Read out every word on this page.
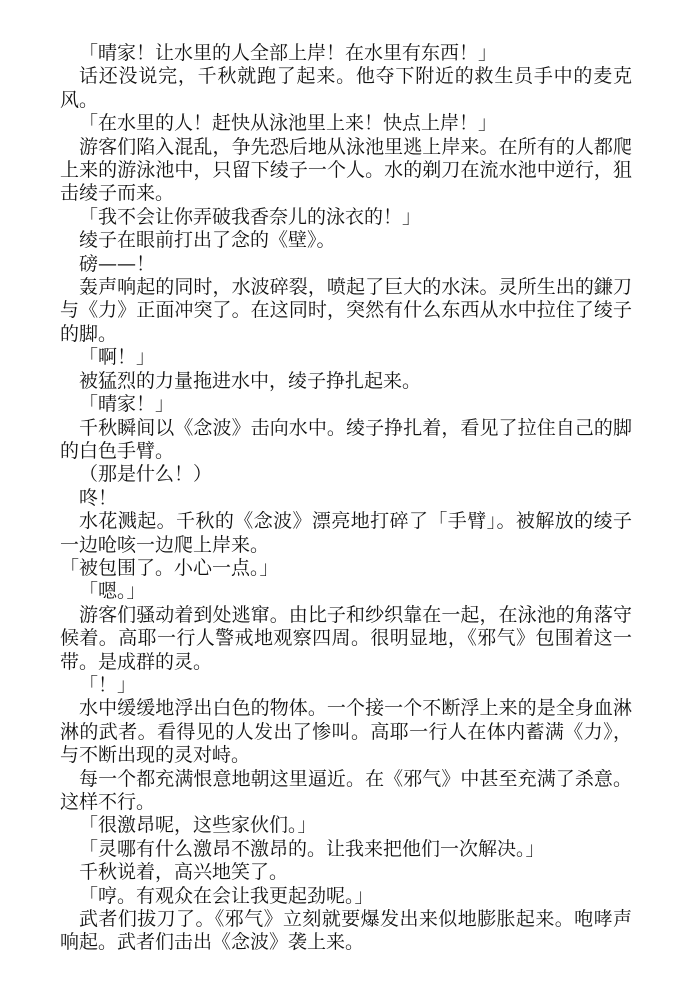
「晴家！让水里的人全部上岸！在水里有东西！」

话还没说完，千秋就跑了起来。他夺下附近的救生员手中的麦克风。

「在水里的人！赶快从泳池里上来！快点上岸！」

游客们陷入混乱，争先恐后地从泳池里逃上岸来。在所有的人都爬上来的游泳池中，只留下绫子一个人。水的剃刀在流水池中逆行，狙击绫子而来。

「我不会让你弄破我香奈儿的泳衣的！」

绫子在眼前打出了念的《壁》。

磅——！

轰声响起的同时，水波碎裂，喷起了巨大的水沫。灵所生出的鎌刀与《力》正面冲突了。在这同时，突然有什么东西从水中拉住了绫子的脚。

「啊！」

被猛烈的力量拖进水中，绫子挣扎起来。

「晴家！」

千秋瞬间以《念波》击向水中。绫子挣扎着，看见了拉住自己的脚的白色手臂。

（那是什么！）

咚！

水花溅起。千秋的《念波》漂亮地打碎了「手臂」。被解放的绫子一边呛咳一边爬上岸来。

「被包围了。小心一点。」

「嗯。」

游客们骚动着到处逃窜。由比子和纱织靠在一起，在泳池的角落守候着。高耶一行人警戒地观察四周。很明显地，《邪气》包围着这一带。是成群的灵。

「！」

水中缓缓地浮出白色的物体。一个接一个不断浮上来的是全身血淋淋的武者。看得见的人发出了惨叫。高耶一行人在体内蓄满《力》，与不断出现的灵对峙。

每一个都充满恨意地朝这里逼近。在《邪气》中甚至充满了杀意。这样不行。

「很激昂呢，这些家伙们。」

「灵哪有什么激昂不激昂的。让我来把他们一次解决。」

千秋说着，高兴地笑了。

「哼。有观众在会让我更起劲呢。」

武者们拔刀了。《邪气》立刻就要爆发出来似地膨胀起来。咆哮声响起。武者们击出《念波》袭上来。
